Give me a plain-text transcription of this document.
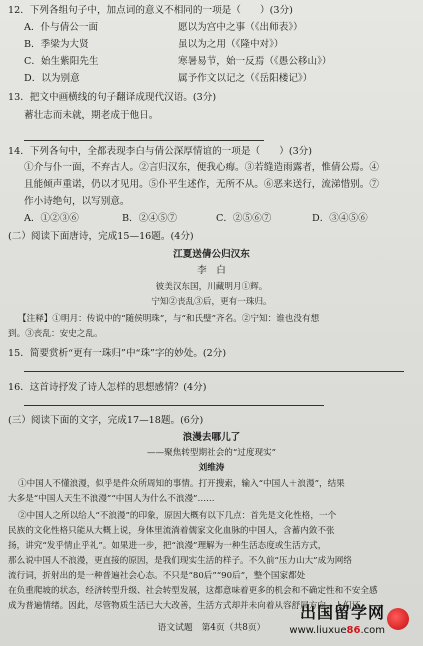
12．下列各组句子中，加点词的意义不相同的一项是（　　）(3分)
A．仆与倩公一面	愿以为宫中之事（《出师表》）
B．季梁为大贤	虽以为之用（《隆中对》）
C．始生紫阳先生	寒暑易节，始一反焉（《愚公移山》）
D．以为别意	属予作文以记之（《岳阳楼记》）
13．把文中画横线的句子翻译成现代汉语。(3分)
蓄壮志而未就，期老成于他日。
14．下列各句中，全都表现李白与倩公深厚情谊的一项是（　　）(3分)
①介与仆一面，不弃古人。②言归汉东，便我心痗。③若缝造雨露者，惟倩公焉。④
且能倾声重诺，仍以才见用。⑤仆平生述作，无所不从。⑥恶来送行，流涕惜别。⑦
作小诗绝句，以写别意。
A．①②③⑥	B．②④⑤⑦	C．②⑤⑥⑦	D．③④⑤⑥
(二）阅读下面唐诗，完成15—16题。(4分)
江夏送倩公归汉东
李　白
彼美汉东国，川藏明月①辉。
宁知②丧乱③后，更有一珠归。
【注释】①明月：传说中的“随侯明珠”，与“和氏璧”齐名。②宁知：谁也没有想
到。③丧乱：安史之乱。
15．简要赏析“更有一珠归”中“珠”字的妙处。(2分)
16．这首诗抒发了诗人怎样的思想感情？(4分)
(三）阅读下面的文字，完成17—18题。(6分)
浪漫去哪儿了
——聚焦转型期社会的“过度现实”
刘维涛
①中国人不懂浪漫，似乎是件众所周知的事情。打开搜索，输入“中国人＋浪漫”，结果
大多是“中国人天生不浪漫”“中国人为什么不浪漫”……
②中国人之所以给人“不浪漫”的印象，原因大概有以下几点：首先是文化性格，一个
民族的文化性格只能从大概上说，身体里流淌着儒家文化血脉的中国人，含蓄内敛不张
扬，讲究“发乎情止乎礼”。如果进一步，把“浪漫”理解为一种生活态度或生活方式，
那么说中国人不浪漫，更直接的原因，是我们现实生活的样子。不久前“压力山大”成为网络
流行词，折射出的是一种普遍社会心态。不只是“80后”“90后”，整个国家都处
在负重爬坡的状态，经济转型升级、社会转型发展，这都意味着更多的机会和不确定性和不安全感
成为普遍情绪。因此，尽管物质生活已大大改善，生活方式却并未向着从容舒展方向，人们还
语文试题　第4页（共8页）
出国留学网
www.liuxue86.com
